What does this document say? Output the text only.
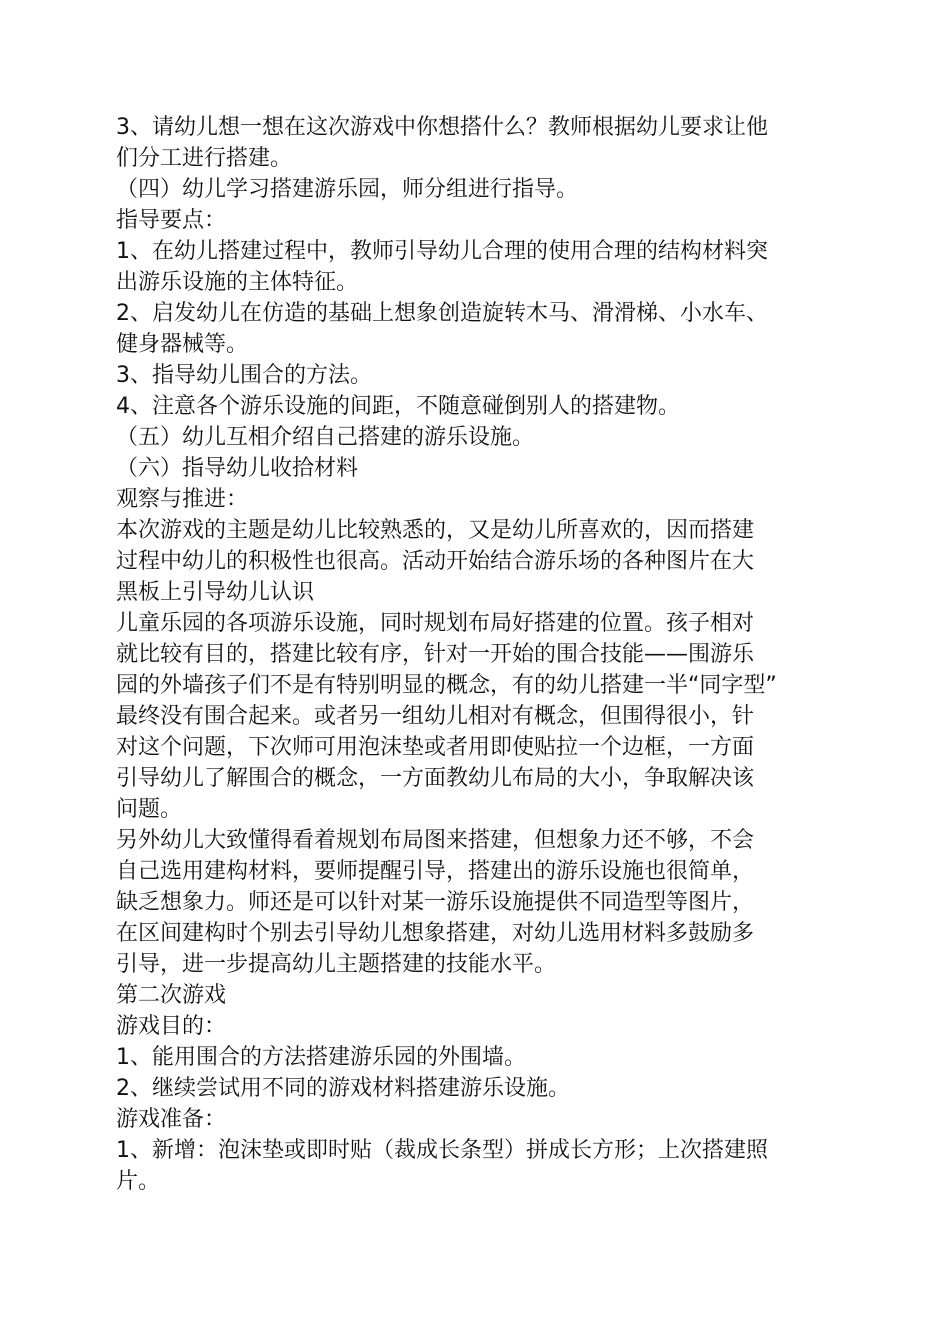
3、请幼儿想一想在这次游戏中你想搭什么？教师根据幼儿要求让他

们分工进行搭建。

（四）幼儿学习搭建游乐园，师分组进行指导。

指导要点：

1、在幼儿搭建过程中，教师引导幼儿合理的使用合理的结构材料突

出游乐设施的主体特征。

2、启发幼儿在仿造的基础上想象创造旋转木马、滑滑梯、小水车、

健身器械等。

3、指导幼儿围合的方法。

4、注意各个游乐设施的间距，不随意碰倒别人的搭建物。

（五）幼儿互相介绍自己搭建的游乐设施。

（六）指导幼儿收拾材料

观察与推进：

本次游戏的主题是幼儿比较熟悉的，又是幼儿所喜欢的，因而搭建

过程中幼儿的积极性也很高。活动开始结合游乐场的各种图片在大

黑板上引导幼儿认识

儿童乐园的各项游乐设施，同时规划布局好搭建的位置。孩子相对

就比较有目的，搭建比较有序，针对一开始的围合技能——围游乐

园的外墙孩子们不是有特别明显的概念，有的幼儿搭建一半“同字型”

最终没有围合起来。或者另一组幼儿相对有概念，但围得很小，针

对这个问题，下次师可用泡沫垫或者用即使贴拉一个边框，一方面

引导幼儿了解围合的概念，一方面教幼儿布局的大小，争取解决该

问题。

另外幼儿大致懂得看着规划布局图来搭建，但想象力还不够，不会

自己选用建构材料，要师提醒引导，搭建出的游乐设施也很简单，

缺乏想象力。师还是可以针对某一游乐设施提供不同造型等图片，

在区间建构时个别去引导幼儿想象搭建，对幼儿选用材料多鼓励多

引导，进一步提高幼儿主题搭建的技能水平。

第二次游戏

游戏目的：

1、能用围合的方法搭建游乐园的外围墙。

2、继续尝试用不同的游戏材料搭建游乐设施。

游戏准备：

1、新增：泡沫垫或即时贴（裁成长条型）拼成长方形；上次搭建照

片。
